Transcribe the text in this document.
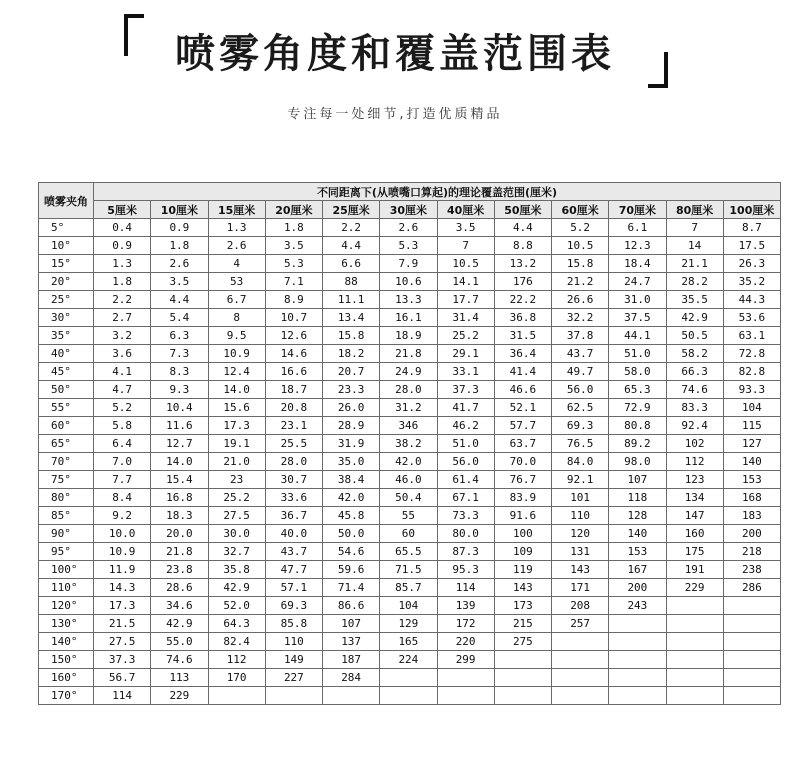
喷雾角度和覆盖范围表
专注每一处细节,打造优质精品
喷雾夹角	不同距离下(从喷嘴口算起)的理论覆盖范围(厘米)											
	5厘米	10厘米	15厘米	20厘米	25厘米	30厘米	40厘米	50厘米	60厘米	70厘米	80厘米	100厘米
5°	0.4	0.9	1.3	1.8	2.2	2.6	3.5	4.4	5.2	6.1	7	8.7
10°	0.9	1.8	2.6	3.5	4.4	5.3	7	8.8	10.5	12.3	14	17.5
15°	1.3	2.6	4	5.3	6.6	7.9	10.5	13.2	15.8	18.4	21.1	26.3
20°	1.8	3.5	53	7.1	88	10.6	14.1	176	21.2	24.7	28.2	35.2
25°	2.2	4.4	6.7	8.9	11.1	13.3	17.7	22.2	26.6	31.0	35.5	44.3
30°	2.7	5.4	8	10.7	13.4	16.1	31.4	36.8	32.2	37.5	42.9	53.6
35°	3.2	6.3	9.5	12.6	15.8	18.9	25.2	31.5	37.8	44.1	50.5	63.1
40°	3.6	7.3	10.9	14.6	18.2	21.8	29.1	36.4	43.7	51.0	58.2	72.8
45°	4.1	8.3	12.4	16.6	20.7	24.9	33.1	41.4	49.7	58.0	66.3	82.8
50°	4.7	9.3	14.0	18.7	23.3	28.0	37.3	46.6	56.0	65.3	74.6	93.3
55°	5.2	10.4	15.6	20.8	26.0	31.2	41.7	52.1	62.5	72.9	83.3	104
60°	5.8	11.6	17.3	23.1	28.9	346	46.2	57.7	69.3	80.8	92.4	115
65°	6.4	12.7	19.1	25.5	31.9	38.2	51.0	63.7	76.5	89.2	102	127
70°	7.0	14.0	21.0	28.0	35.0	42.0	56.0	70.0	84.0	98.0	112	140
75°	7.7	15.4	23	30.7	38.4	46.0	61.4	76.7	92.1	107	123	153
80°	8.4	16.8	25.2	33.6	42.0	50.4	67.1	83.9	101	118	134	168
85°	9.2	18.3	27.5	36.7	45.8	55	73.3	91.6	110	128	147	183
90°	10.0	20.0	30.0	40.0	50.0	60	80.0	100	120	140	160	200
95°	10.9	21.8	32.7	43.7	54.6	65.5	87.3	109	131	153	175	218
100°	11.9	23.8	35.8	47.7	59.6	71.5	95.3	119	143	167	191	238
110°	14.3	28.6	42.9	57.1	71.4	85.7	114	143	171	200	229	286
120°	17.3	34.6	52.0	69.3	86.6	104	139	173	208	243		
130°	21.5	42.9	64.3	85.8	107	129	172	215	257			
140°	27.5	55.0	82.4	110	137	165	220	275				
150°	37.3	74.6	112	149	187	224	299					
160°	56.7	113	170	227	284							
170°	114	229										
